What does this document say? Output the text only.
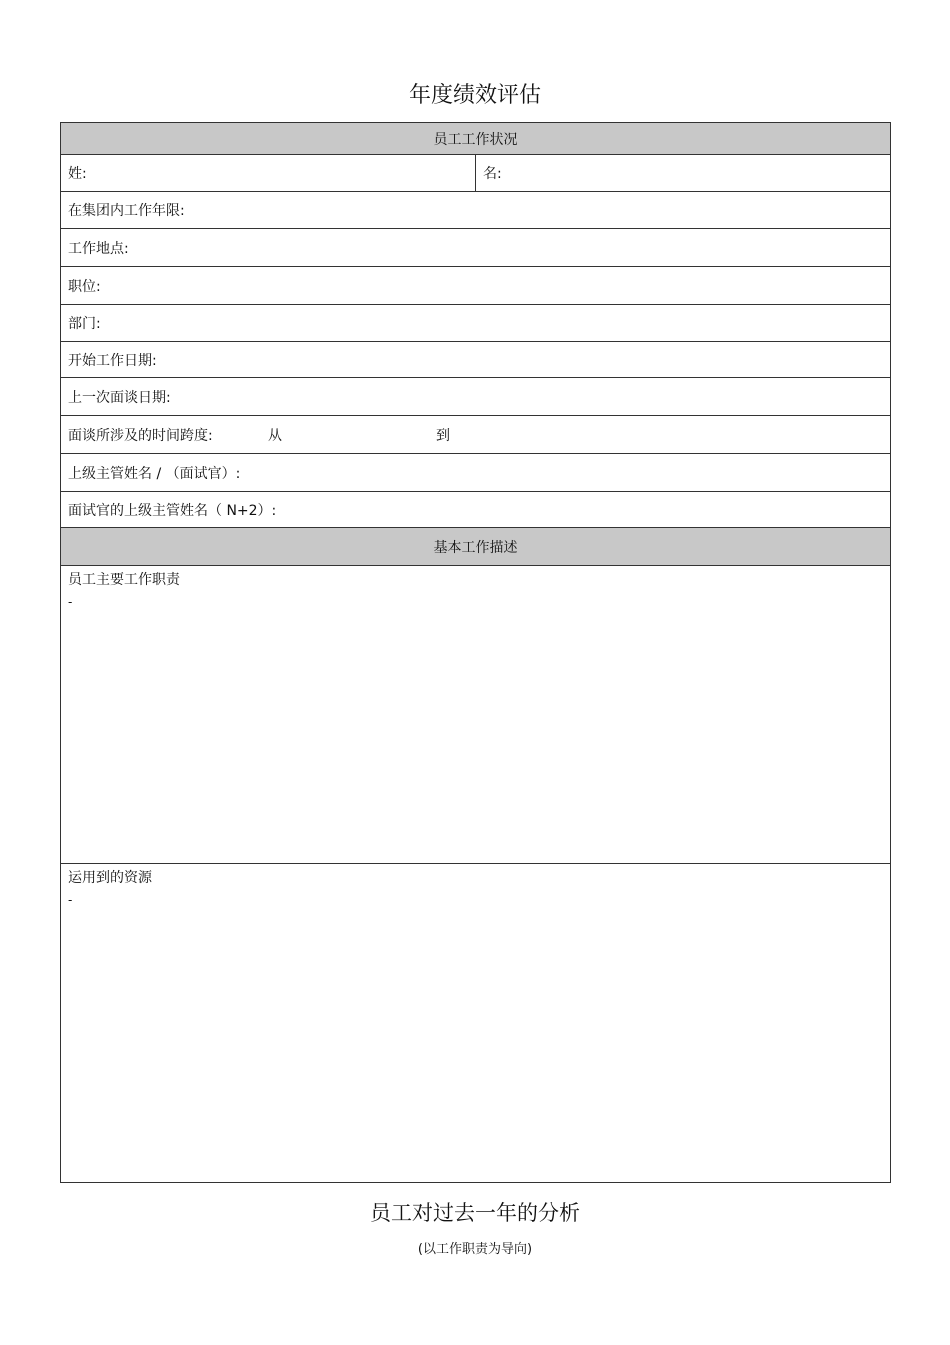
年度绩效评估
员工工作状况
姓:	名:
在集团内工作年限:
工作地点:
职位:
部门:
开始工作日期:
上一次面谈日期:
面谈所涉及的时间跨度:	从	到
上级主管姓名 / （面试官）:
面试官的上级主管姓名（ N+2）:
基本工作描述
员工主要工作职责
-
运用到的资源
-
员工对过去一年的分析
(以工作职责为导向)
